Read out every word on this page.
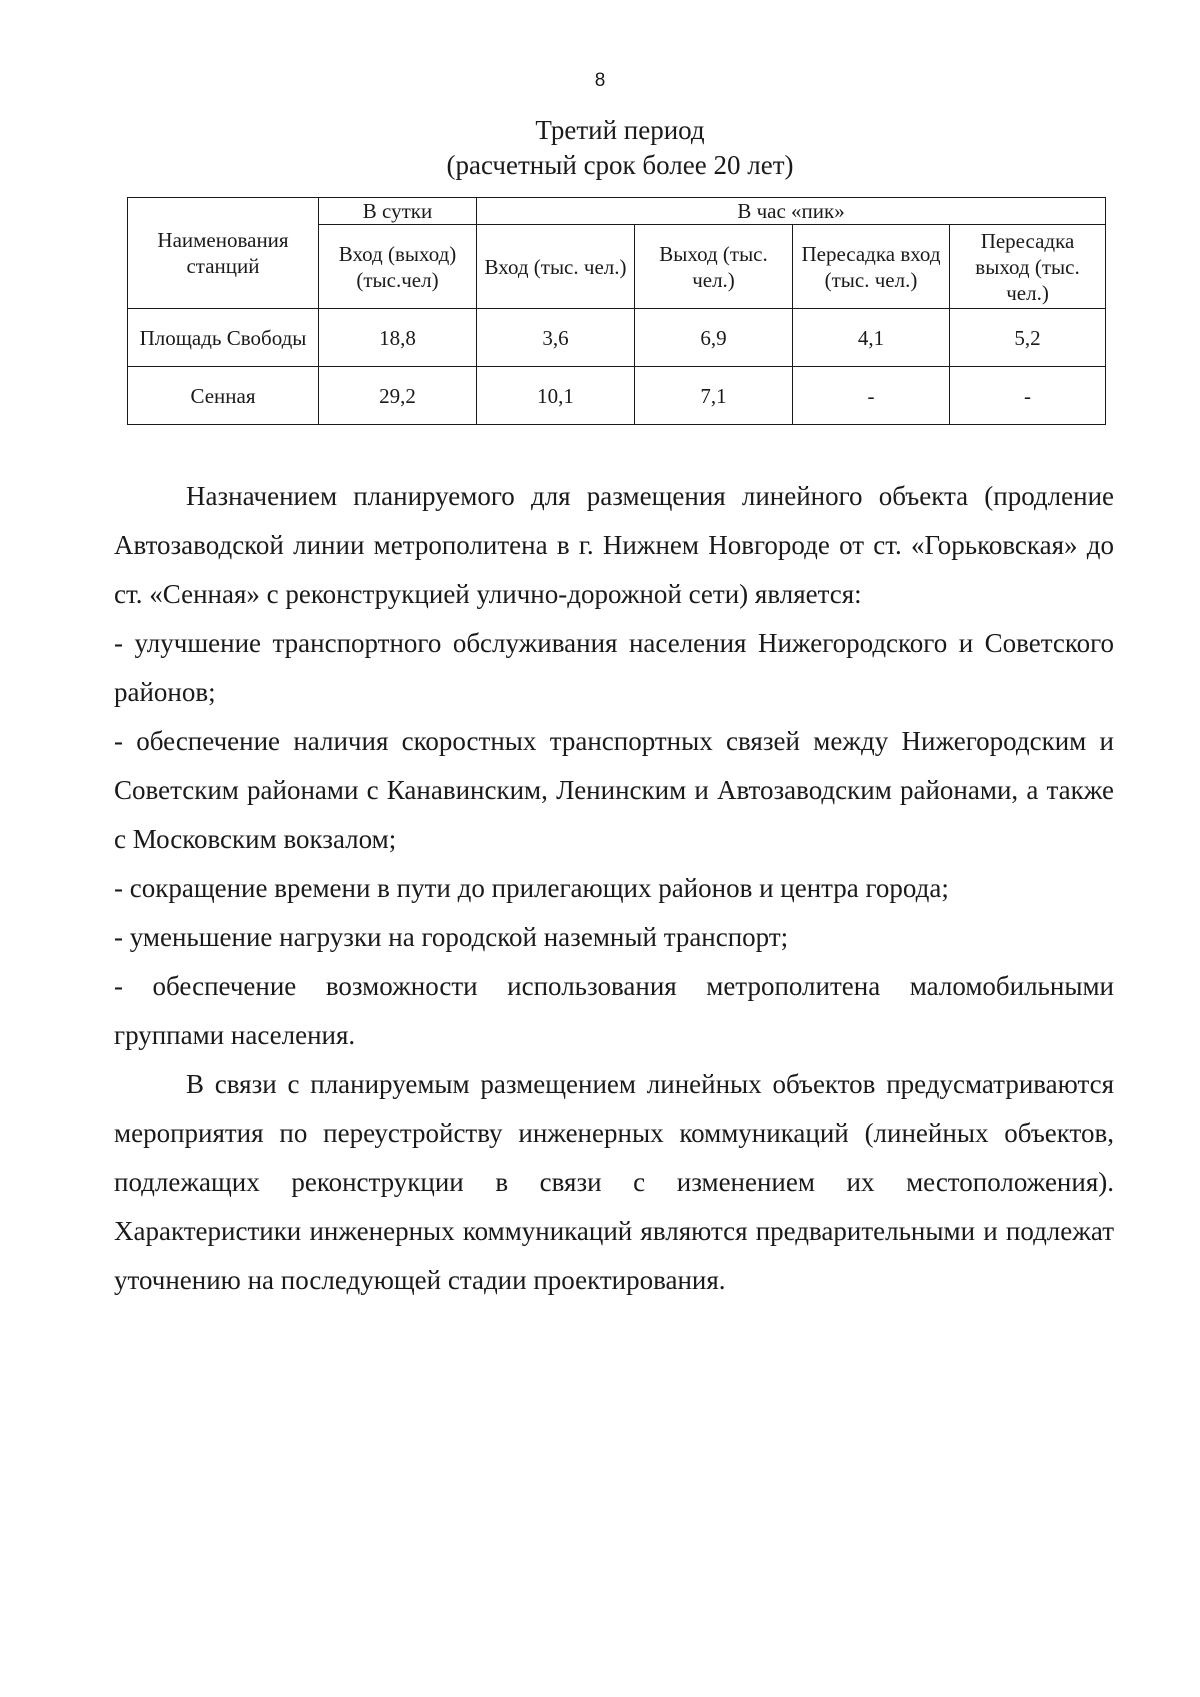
8
Третий период
(расчетный срок более 20 лет)
Наименования станций	В сутки	В час «пик»			
	Вход (выход) (тыс.чел)	Вход (тыс. чел.)	Выход (тыс. чел.)	Пересадка вход (тыс. чел.)	Пересадка выход (тыс. чел.)
Площадь Свободы	18,8	3,6	6,9	4,1	5,2
Сенная	29,2	10,1	7,1	-	-

Назначением планируемого для размещения линейного объекта (продление Автозаводской линии метрополитена в г. Нижнем Новгороде от ст. «Горьковская» до ст. «Сенная» с реконструкцией улично-дорожной сети) является:

- улучшение транспортного обслуживания населения Нижегородского и Советского районов;

- обеспечение наличия скоростных транспортных связей между Нижегородским и Советским районами с Канавинским, Ленинским и Автозаводским районами, а также с Московским вокзалом;

- сокращение времени в пути до прилегающих районов и центра города;

- уменьшение нагрузки на городской наземный транспорт;

- обеспечение возможности использования метрополитена маломобильными группами населения.

В связи с планируемым размещением линейных объектов предусматриваются мероприятия по переустройству инженерных коммуникаций (линейных объектов, подлежащих реконструкции в связи с изменением их местоположения). Характеристики инженерных коммуникаций являются предварительными и подлежат уточнению на последующей стадии проектирования.
